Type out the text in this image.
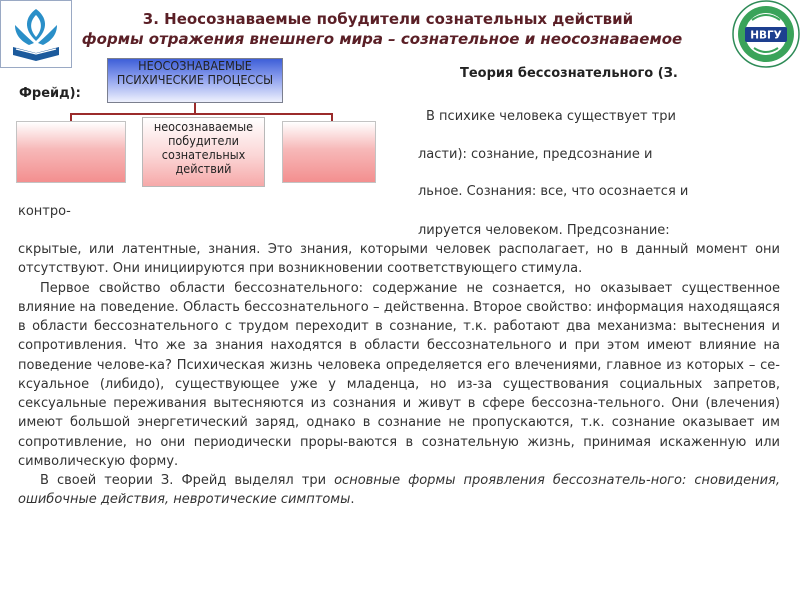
НВГУ
3. Неосознаваемые побудители сознательных действий
формы отражения внешнего мира – сознательное и неосознаваемое
НЕОСОЗНАВАЕМЫЕ ПСИХИЧЕСКИЕ ПРОЦЕССЫ
неосознаваемые побудители сознательных действий
Фрейд):
Теория бессознательного (З.
В психике человека существует три
ласти): сознание, предсознание и
льное. Сознания: все, что осознается и
контро-
лируется человеком. Предсознание:

скрытые, или латентные, знания. Это знания, которыми человек располагает, но в данный момент они отсутствуют. Они инициируются при возникновении соответствующего стимула.

Первое свойство области бессознательного: содержание не сознается, но оказывает существенное влияние на поведение. Область бессознательного – действенна. Второе свойство: информация находящаяся в области бессознательного с трудом переходит в сознание, т.к. работают два механизма: вытеснения и сопротивления. Что же за знания находятся в области бессознательного и при этом имеют влияние на поведение челове-ка? Психическая жизнь человека определяется его влечениями, главное из которых – се-ксуальное (либидо), существующее уже у младенца, но из-за существования социальных запретов, сексуальные переживания вытесняются из сознания и живут в сфере бессозна-тельного. Они (влечения) имеют большой энергетический заряд, однако в сознание не пропускаются, т.к. сознание оказывает им сопротивление, но они периодически проры-ваются в сознательную жизнь, принимая искаженную или символическую форму.

В своей теории З. Фрейд выделял три основные формы проявления бессознатель-ного: сновидения, ошибочные действия, невротические симптомы.
